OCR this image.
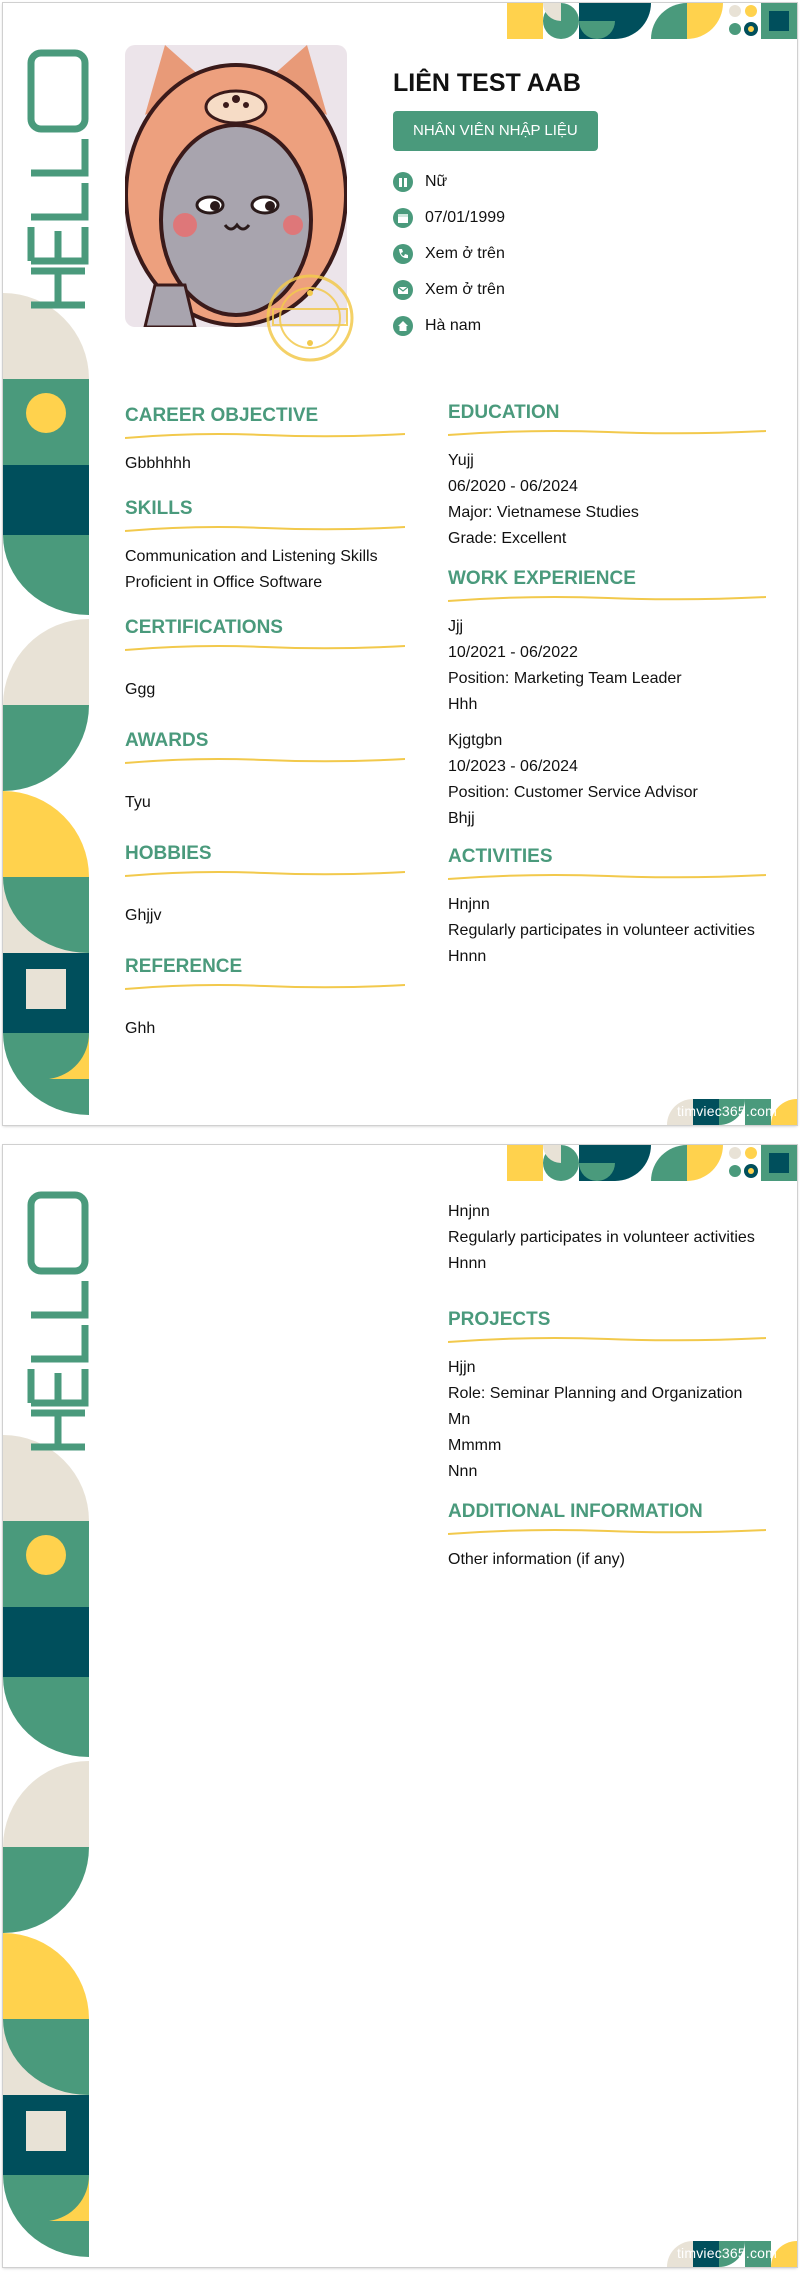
LIÊN TEST AAB
NHÂN VIÊN NHẬP LIỆU
Nữ
07/01/1999
Xem ở trên
Xem ở trên
Hà nam
CAREER OBJECTIVE
Gbbhhhh
SKILLS
Communication and Listening Skills
Proficient in Office Software
CERTIFICATIONS
Ggg
AWARDS
Tyu
HOBBIES
Ghjjv
REFERENCE
Ghh
EDUCATION
Yujj
06/2020 - 06/2024
Major: Vietnamese Studies
Grade: Excellent
WORK EXPERIENCE
Jjj
10/2021 - 06/2022
Position: Marketing Team Leader
Hhh
Kjgtgbn
10/2023 - 06/2024
Position: Customer Service Advisor
Bhjj
ACTIVITIES
Hnjnn
Regularly participates in volunteer activities
Hnnn
timviec365.com
Hnjnn
Regularly participates in volunteer activities
Hnnn
PROJECTS
Hjjn
Role: Seminar Planning and Organization
Mn
Mmmm
Nnn
ADDITIONAL INFORMATION
Other information (if any)
timviec365.com
